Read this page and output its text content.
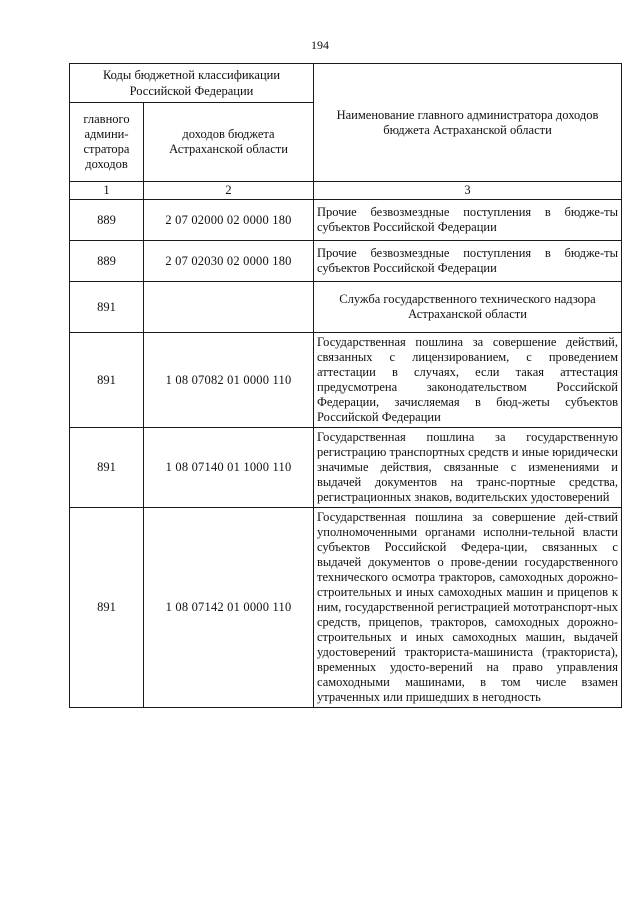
194
Коды бюджетной классификации Российской Федерации		Наименование главного администратора доходов бюджета Астраханской области
главного админи-стратора доходов	доходов бюджета Астраханской области	
1	2	3
889	2 07 02000 02 0000 180	Прочие безвозмездные поступления в бюдже-ты субъектов Российской Федерации
889	2 07 02030 02 0000 180	Прочие безвозмездные поступления в бюдже-ты субъектов Российской Федерации
891		Служба государственного технического надзора Астраханской области
891	1 08 07082 01 0000 110	Государственная пошлина за совершение действий, связанных с лицензированием, с проведением аттестации в случаях, если такая аттестация предусмотрена законодательством Российской Федерации, зачисляемая в бюд-жеты субъектов Российской Федерации
891	1 08 07140 01 1000 110	Государственная пошлина за государственную регистрацию транспортных средств и иные юридически значимые действия, связанные с изменениями и выдачей документов на транс-портные средства, регистрационных знаков, водительских удостоверений
891	1 08 07142 01 0000 110	Государственная пошлина за совершение дей-ствий уполномоченными органами исполни-тельной власти субъектов Российской Федера-ции, связанных с выдачей документов о прове-дении государственного технического осмотра тракторов, самоходных дорожно-строительных и иных самоходных машин и прицепов к ним, государственной регистрацией мототранспорт-ных средств, прицепов, тракторов, самоходных дорожно-строительных и иных самоходных машин, выдачей удостоверений тракториста-машиниста (тракториста), временных удосто-верений на право управления самоходными машинами, в том числе взамен утраченных или пришедших в негодность
